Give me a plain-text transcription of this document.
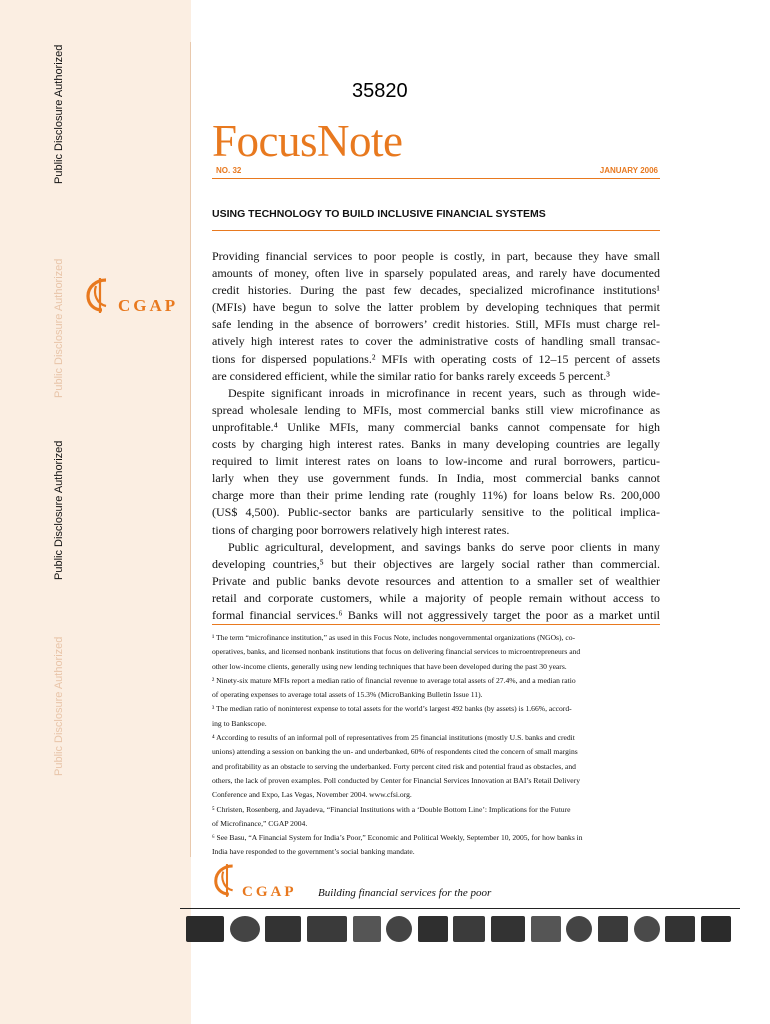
Public Disclosure Authorized
Public Disclosure Authorized
Public Disclosure Authorized
Public Disclosure Authorized
CGAP
35820
FocusNote
NO. 32	JANUARY 2006
USING TECHNOLOGY TO BUILD INCLUSIVE FINANCIAL SYSTEMS
Providing financial services to poor people is costly, in part, because they have small
amounts of money, often live in sparsely populated areas, and rarely have documented
credit histories. During the past few decades, specialized microfinance institutions¹
(MFIs) have begun to solve the latter problem by developing techniques that permit
safe lending in the absence of borrowers’ credit histories. Still, MFIs must charge rel-
atively high interest rates to cover the administrative costs of handling small transac-
tions for dispersed populations.² MFIs with operating costs of 12–15 percent of assets
are considered efficient, while the similar ratio for banks rarely exceeds 5 percent.³
Despite significant inroads in microfinance in recent years, such as through wide-
spread wholesale lending to MFIs, most commercial banks still view microfinance as
unprofitable.⁴ Unlike MFIs, many commercial banks cannot compensate for high
costs by charging high interest rates. Banks in many developing countries are legally
required to limit interest rates on loans to low-income and rural borrowers, particu-
larly when they use government funds. In India, most commercial banks cannot
charge more than their prime lending rate (roughly 11%) for loans below Rs. 200,000
(US$ 4,500). Public-sector banks are particularly sensitive to the political implica-
tions of charging poor borrowers relatively high interest rates.
Public agricultural, development, and savings banks do serve poor clients in many
developing countries,⁵ but their objectives are largely social rather than commercial.
Private and public banks devote resources and attention to a smaller set of wealthier
retail and corporate customers, while a majority of people remain without access to
formal financial services.⁶ Banks will not aggressively target the poor as a market until
¹ The term “microfinance institution,” as used in this Focus Note, includes nongovernmental organizations (NGOs), co-
operatives, banks, and licensed nonbank institutions that focus on delivering financial services to microentrepreneurs and
other low-income clients, generally using new lending techniques that have been developed during the past 30 years.
² Ninety-six mature MFIs report a median ratio of financial revenue to average total assets of 27.4%, and a median ratio
of operating expenses to average total assets of 15.3% (MicroBanking Bulletin Issue 11).
³ The median ratio of noninterest expense to total assets for the world’s largest 492 banks (by assets) is 1.66%, accord-
ing to Bankscope.
⁴ According to results of an informal poll of representatives from 25 financial institutions (mostly U.S. banks and credit
unions) attending a session on banking the un- and underbanked, 60% of respondents cited the concern of small margins
and profitability as an obstacle to serving the underbanked. Forty percent cited risk and potential fraud as obstacles, and
others, the lack of proven examples. Poll conducted by Center for Financial Services Innovation at BAI’s Retail Delivery
Conference and Expo, Las Vegas, November 2004. www.cfsi.org.
⁵ Christen, Rosenberg, and Jayadeva, “Financial Institutions with a ‘Double Bottom Line’: Implications for the Future
of Microfinance,” CGAP 2004.
⁶ See Basu, “A Financial System for India’s Poor,” Economic and Political Weekly, September 10, 2005, for how banks in
India have responded to the government’s social banking mandate.
CGAP Building financial services for the poor
